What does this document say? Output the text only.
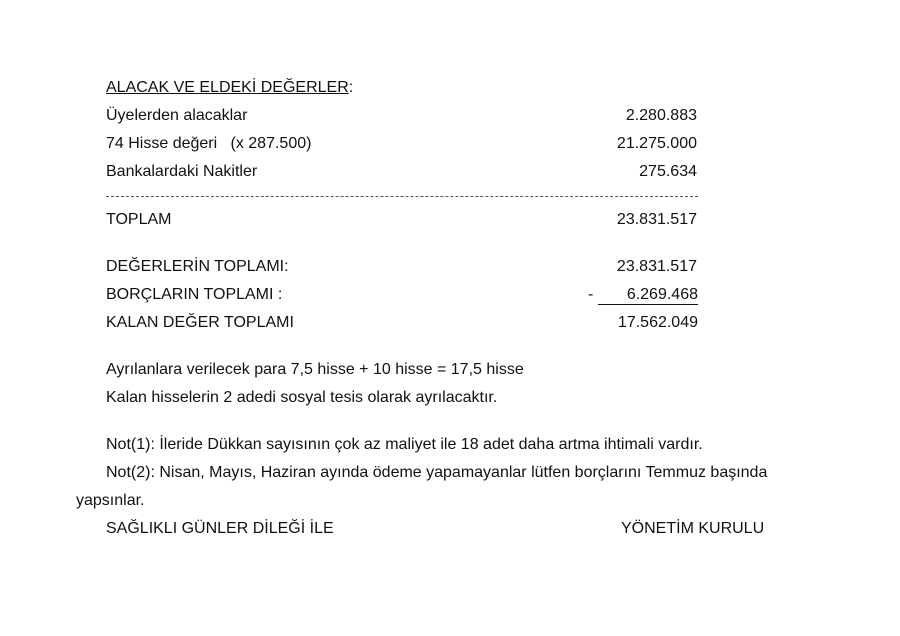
ALACAK VE ELDEKİ DEĞERLER:
Üyelerden alacaklar	2.280.883
74 Hisse değeri   (x 287.500)	21.275.000
Bankalardaki Nakitler	275.634
TOPLAM	23.831.517
DEĞERLERİN TOPLAMI:	23.831.517
BORÇLARIN TOPLAMI :	-	6.269.468
KALAN DEĞER TOPLAMI	17.562.049
Ayrılanlara verilecek para 7,5 hisse + 10 hisse = 17,5 hisse
Kalan hisselerin 2 adedi sosyal tesis olarak ayrılacaktır.
Not(1): İleride Dükkan sayısının çok az maliyet ile 18 adet daha artma ihtimali vardır.
Not(2): Nisan, Mayıs, Haziran ayında ödeme yapamayanlar lütfen borçlarını Temmuz başında
yapsınlar.
SAĞLIKLI GÜNLER DİLEĞİ İLE	YÖNETİM KURULU
